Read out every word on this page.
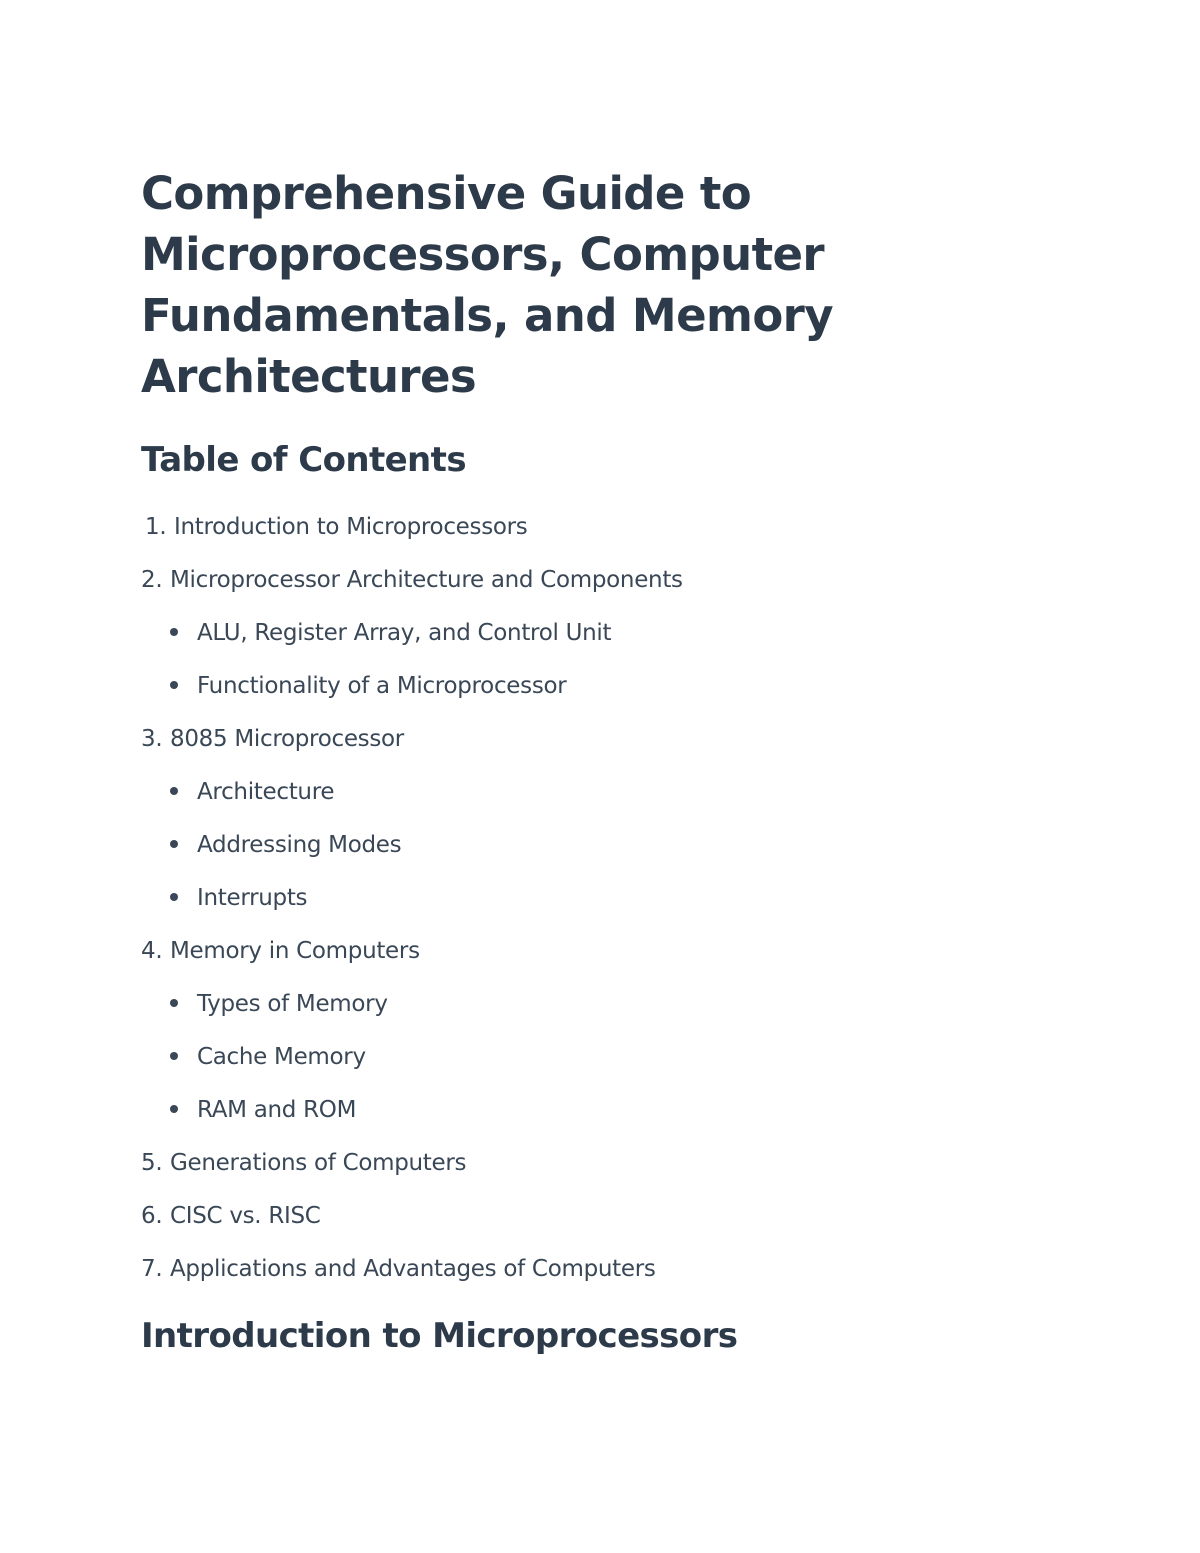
Comprehensive Guide to Microprocessors, Computer Fundamentals, and Memory Architectures
Table of Contents
1. Introduction to Microprocessors
2. Microprocessor Architecture and Components
ALU, Register Array, and Control Unit
Functionality of a Microprocessor
3. 8085 Microprocessor
Architecture
Addressing Modes
Interrupts
4. Memory in Computers
Types of Memory
Cache Memory
RAM and ROM
5. Generations of Computers
6. CISC vs. RISC
7. Applications and Advantages of Computers
Introduction to Microprocessors
